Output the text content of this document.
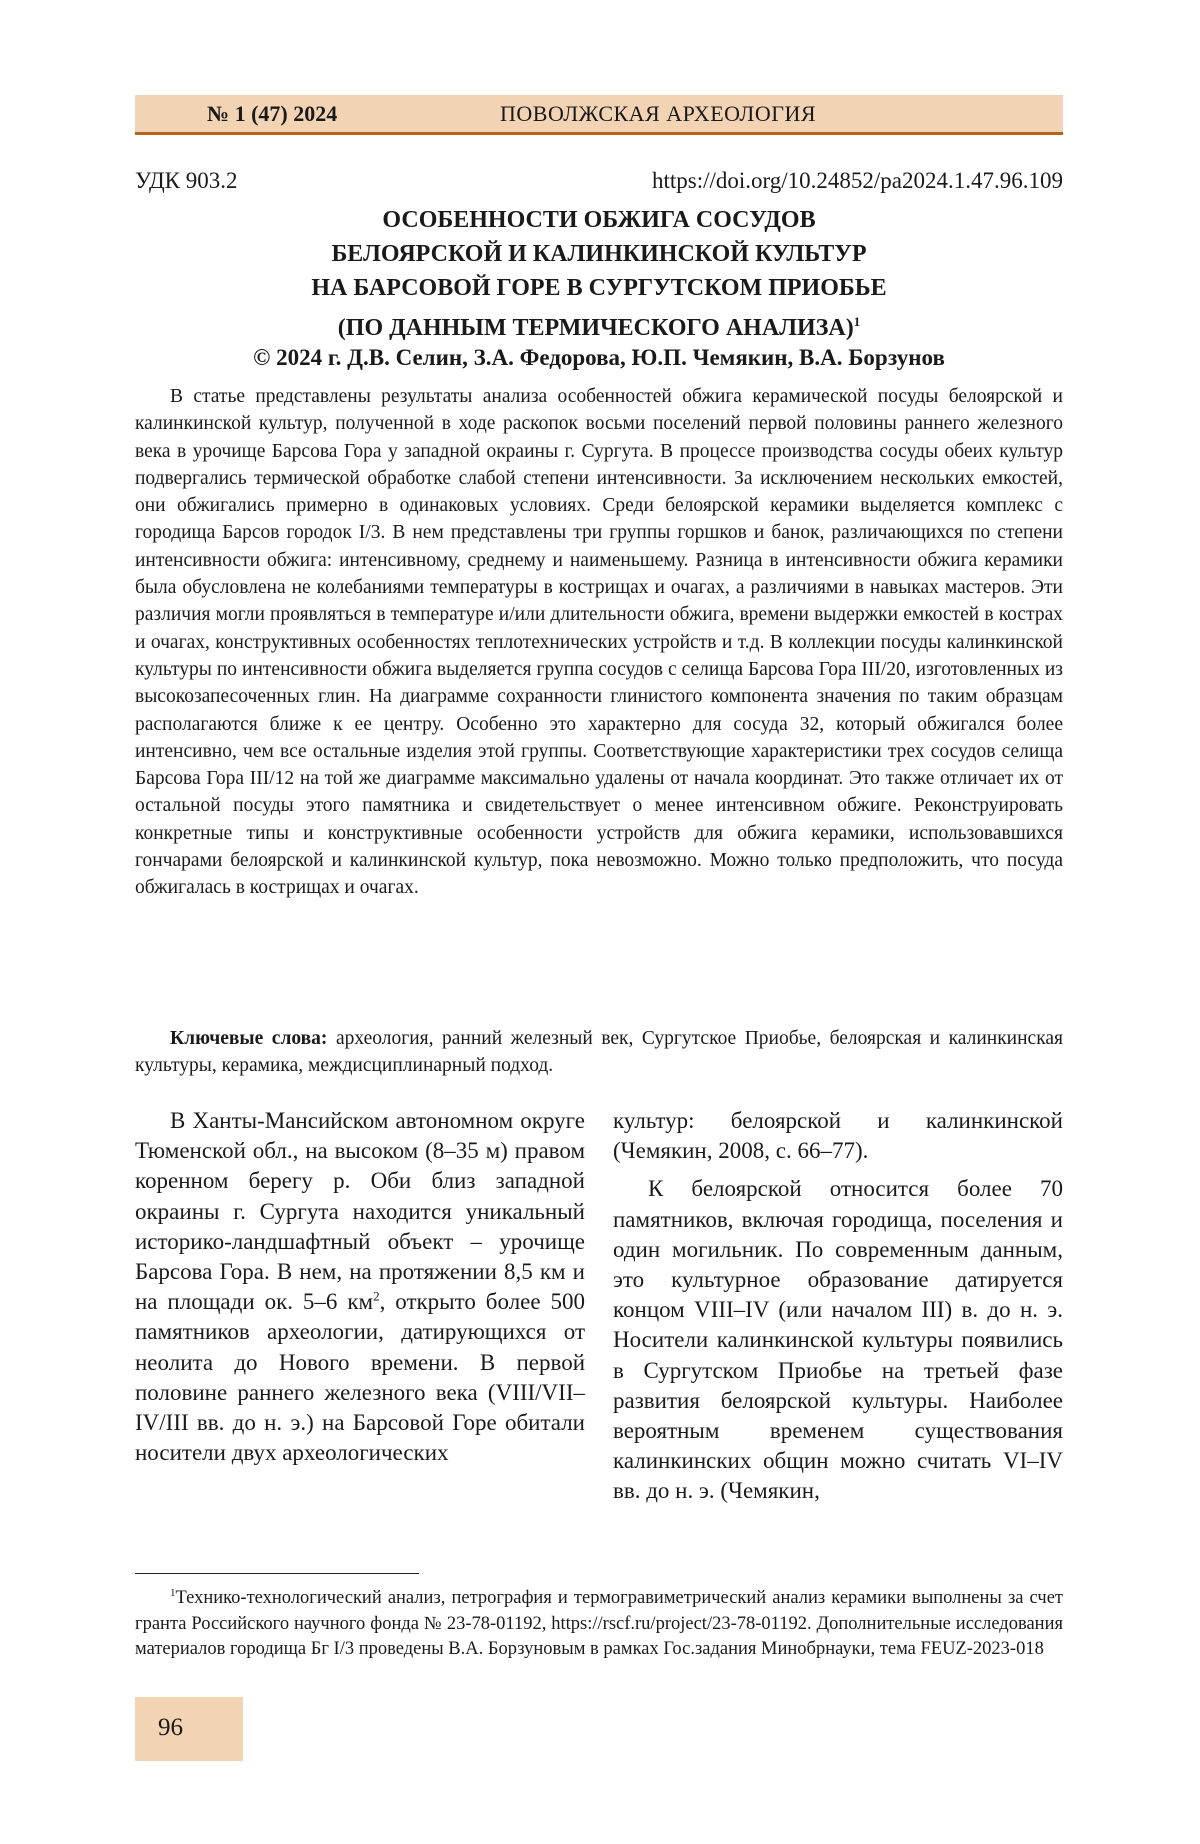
№ 1 (47) 2024	ПОВОЛЖСКАЯ АРХЕОЛОГИЯ
УДК 903.2	https://doi.org/10.24852/pa2024.1.47.96.109
ОСОБЕННОСТИ ОБЖИГА СОСУДОВ
БЕЛОЯРСКОЙ И КАЛИНКИНСКОЙ КУЛЬТУР
НА БАРСОВОЙ ГОРЕ В СУРГУТСКОМ ПРИОБЬЕ
(ПО ДАННЫМ ТЕРМИЧЕСКОГО АНАЛИЗА)$^1$
© 2024 г. Д.В. Селин, З.А. Федорова, Ю.П. Чемякин, В.А. Борзунов

В статье представлены результаты анализа особенностей обжига керамической посуды белоярской и калинкинской культур, полученной в ходе раскопок восьми поселений первой половины раннего железного века в урочище Барсова Гора у западной окраины г. Сургута. В процессе производства сосуды обеих культур подвергались термической обработке слабой степени интенсивности. За исключением нескольких емкостей, они обжигались примерно в одинаковых условиях. Среди белоярской керамики выделяется комплекс с городища Барсов городок I/3. В нем представлены три группы горшков и банок, различающихся по степени интенсивности обжига: интенсивному, среднему и наименьшему. Разница в интенсивности обжига керамики была обусловлена не колебаниями температуры в кострищах и очагах, а различиями в навыках мастеров. Эти различия могли проявляться в температуре и/или длительности обжига, времени выдержки емкостей в кострах и очагах, конструктивных особенностях теплотехнических устройств и т.д. В коллекции посуды калинкинской культуры по интенсивности обжига выделяется группа сосудов с селища Барсова Гора III/20, изготовленных из высокозапесоченных глин. На диаграмме сохранности глинистого компонента значения по таким образцам располагаются ближе к ее центру. Особенно это характерно для сосуда 32, который обжигался более интенсивно, чем все остальные изделия этой группы. Соответствующие характеристики трех сосудов селища Барсова Гора III/12 на той же диаграмме максимально удалены от начала координат. Это также отличает их от остальной посуды этого памятника и свидетельствует о менее интенсивном обжиге. Реконструировать конкретные типы и конструктивные особенности устройств для обжига керамики, использовавшихся гончарами белоярской и калинкинской культур, пока невозможно. Можно только предположить, что посуда обжигалась в кострищах и очагах.

Ключевые слова: археология, ранний железный век, Сургутское Приобье, белоярская и калинкинская культуры, керамика, междисциплинарный подход.

В Ханты-Мансийском автономном округе Тюменской обл., на высоком (8–35 м) правом коренном берегу р. Оби близ западной окраины г. Сургута находится уникальный историко-ландшафтный объект – урочище Барсова Гора. В нем, на протяжении 8,5 км и на площади ок. 5–6 $км^2$, открыто более 500 памятников археологии, датирующихся от неолита до Нового времени. В первой половине раннего железного века (VIII/VII–IV/III вв. до н. э.) на Барсовой Горе обитали носители двух археологических

культур: белоярской и калинкинской (Чемякин, 2008, с. 66–77).

К белоярской относится более 70 памятников, включая городища, поселения и один могильник. По современным данным, это культурное образование датируется концом VIII–IV (или началом III) в. до н. э. Носители калинкинской культуры появились в Сургутском Приобье на третьей фазе развития белоярской культуры. Наиболее вероятным временем существования калинкинских общин можно считать VI–IV вв. до н. э. (Чемякин,

$^1$Технико-технологический анализ, петрография и термогравиметрический анализ керамики выполнены за счет гранта Российского научного фонда № 23-78-01192, https://rscf.ru/project/23-78-01192. Дополнительные исследования материалов городища Бг I/3 проведены В.А. Борзуновым в рамках Гос.задания Минобрнауки, тема FEUZ-2023-018

96
